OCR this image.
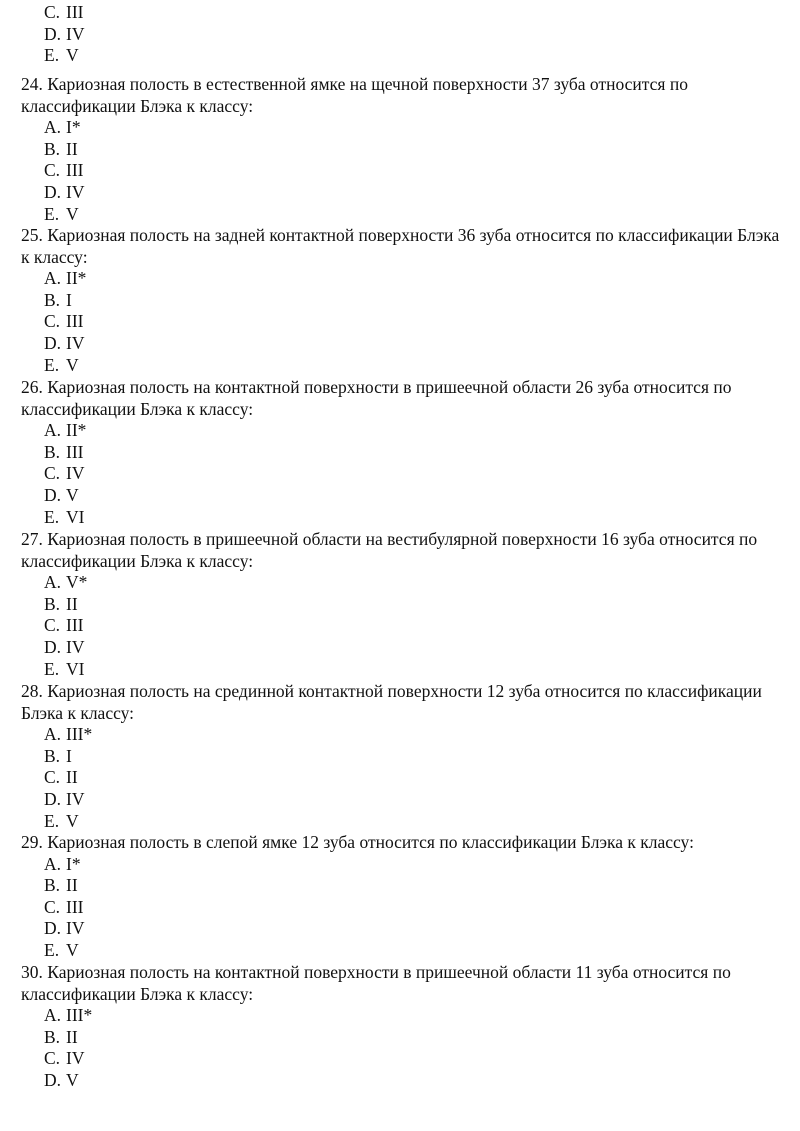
C. III
D. IV
E. V

24. Кариозная полость в естественной ямке на щечной поверхности 37 зуба относится по классификации Блэка к классу:

A. I*
B. II
C. III
D. IV
E. V

25. Кариозная полость на задней контактной поверхности 36 зуба относится по классификации Блэка к классу:

A. II*
B. I
C. III
D. IV
E. V

26. Кариозная полость на контактной поверхности в пришеечной области 26 зуба относится по классификации Блэка к классу:

A. II*
B. III
C. IV
D. V
E. VI

27. Кариозная полость в пришеечной области на вестибулярной поверхности 16 зуба относится по классификации Блэка к классу:

A. V*
B. II
C. III
D. IV
E. VI

28. Кариозная полость на срединной контактной поверхности 12 зуба относится по классификации Блэка к классу:

A. III*
B. I
C. II
D. IV
E. V

29. Кариозная полость в слепой ямке 12 зуба относится по классификации Блэка к классу:

A. I*
B. II
C. III
D. IV
E. V

30. Кариозная полость на контактной поверхности в пришеечной области 11 зуба относится по классификации Блэка к классу:

A. III*
B. II
C. IV
D. V
